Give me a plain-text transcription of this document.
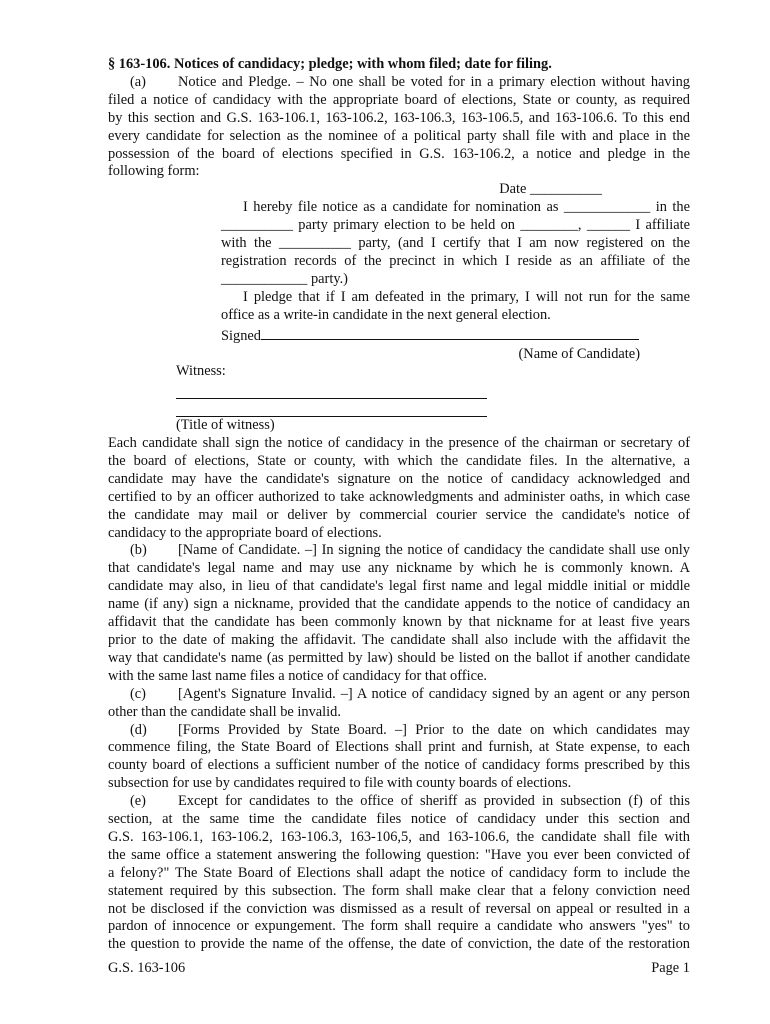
§ 163-106. Notices of candidacy; pledge; with whom filed; date for filing.
(a) Notice and Pledge. – No one shall be voted for in a primary election without having
filed a notice of candidacy with the appropriate board of elections, State or county, as required
by this section and G.S. 163-106.1, 163-106.2, 163-106.3, 163-106.5, and 163-106.6. To this end
every candidate for selection as the nominee of a political party shall file with and place in the
possession of the board of elections specified in G.S. 163-106.2, a notice and pledge in the
following form:
Date __________
I hereby file notice as a candidate for nomination as ____________ in the
__________ party primary election to be held on ________, ______ I affiliate
with the __________ party, (and I certify that I am now registered on the
registration records of the precinct in which I reside as an affiliate of the
____________ party.)
I pledge that if I am defeated in the primary, I will not run for the same
office as a write-in candidate in the next general election.
Signed
(Name of Candidate)
Witness:
(Title of witness)
Each candidate shall sign the notice of candidacy in the presence of the chairman or secretary of
the board of elections, State or county, with which the candidate files. In the alternative, a
candidate may have the candidate's signature on the notice of candidacy acknowledged and
certified to by an officer authorized to take acknowledgments and administer oaths, in which case
the candidate may mail or deliver by commercial courier service the candidate's notice of
candidacy to the appropriate board of elections.
(b) [Name of Candidate. –] In signing the notice of candidacy the candidate shall use only
that candidate's legal name and may use any nickname by which he is commonly known. A
candidate may also, in lieu of that candidate's legal first name and legal middle initial or middle
name (if any) sign a nickname, provided that the candidate appends to the notice of candidacy an
affidavit that the candidate has been commonly known by that nickname for at least five years
prior to the date of making the affidavit. The candidate shall also include with the affidavit the
way that candidate's name (as permitted by law) should be listed on the ballot if another candidate
with the same last name files a notice of candidacy for that office.
(c) [Agent's Signature Invalid. –] A notice of candidacy signed by an agent or any person
other than the candidate shall be invalid.
(d) [Forms Provided by State Board. –] Prior to the date on which candidates may
commence filing, the State Board of Elections shall print and furnish, at State expense, to each
county board of elections a sufficient number of the notice of candidacy forms prescribed by this
subsection for use by candidates required to file with county boards of elections.
(e) Except for candidates to the office of sheriff as provided in subsection (f) of this
section, at the same time the candidate files notice of candidacy under this section and
G.S. 163-106.1, 163-106.2, 163-106.3, 163-106,5, and 163-106.6, the candidate shall file with
the same office a statement answering the following question: "Have you ever been convicted of
a felony?" The State Board of Elections shall adapt the notice of candidacy form to include the
statement required by this subsection. The form shall make clear that a felony conviction need
not be disclosed if the conviction was dismissed as a result of reversal on appeal or resulted in a
pardon of innocence or expungement. The form shall require a candidate who answers "yes" to
the question to provide the name of the offense, the date of conviction, the date of the restoration
G.S. 163-106	Page 1
